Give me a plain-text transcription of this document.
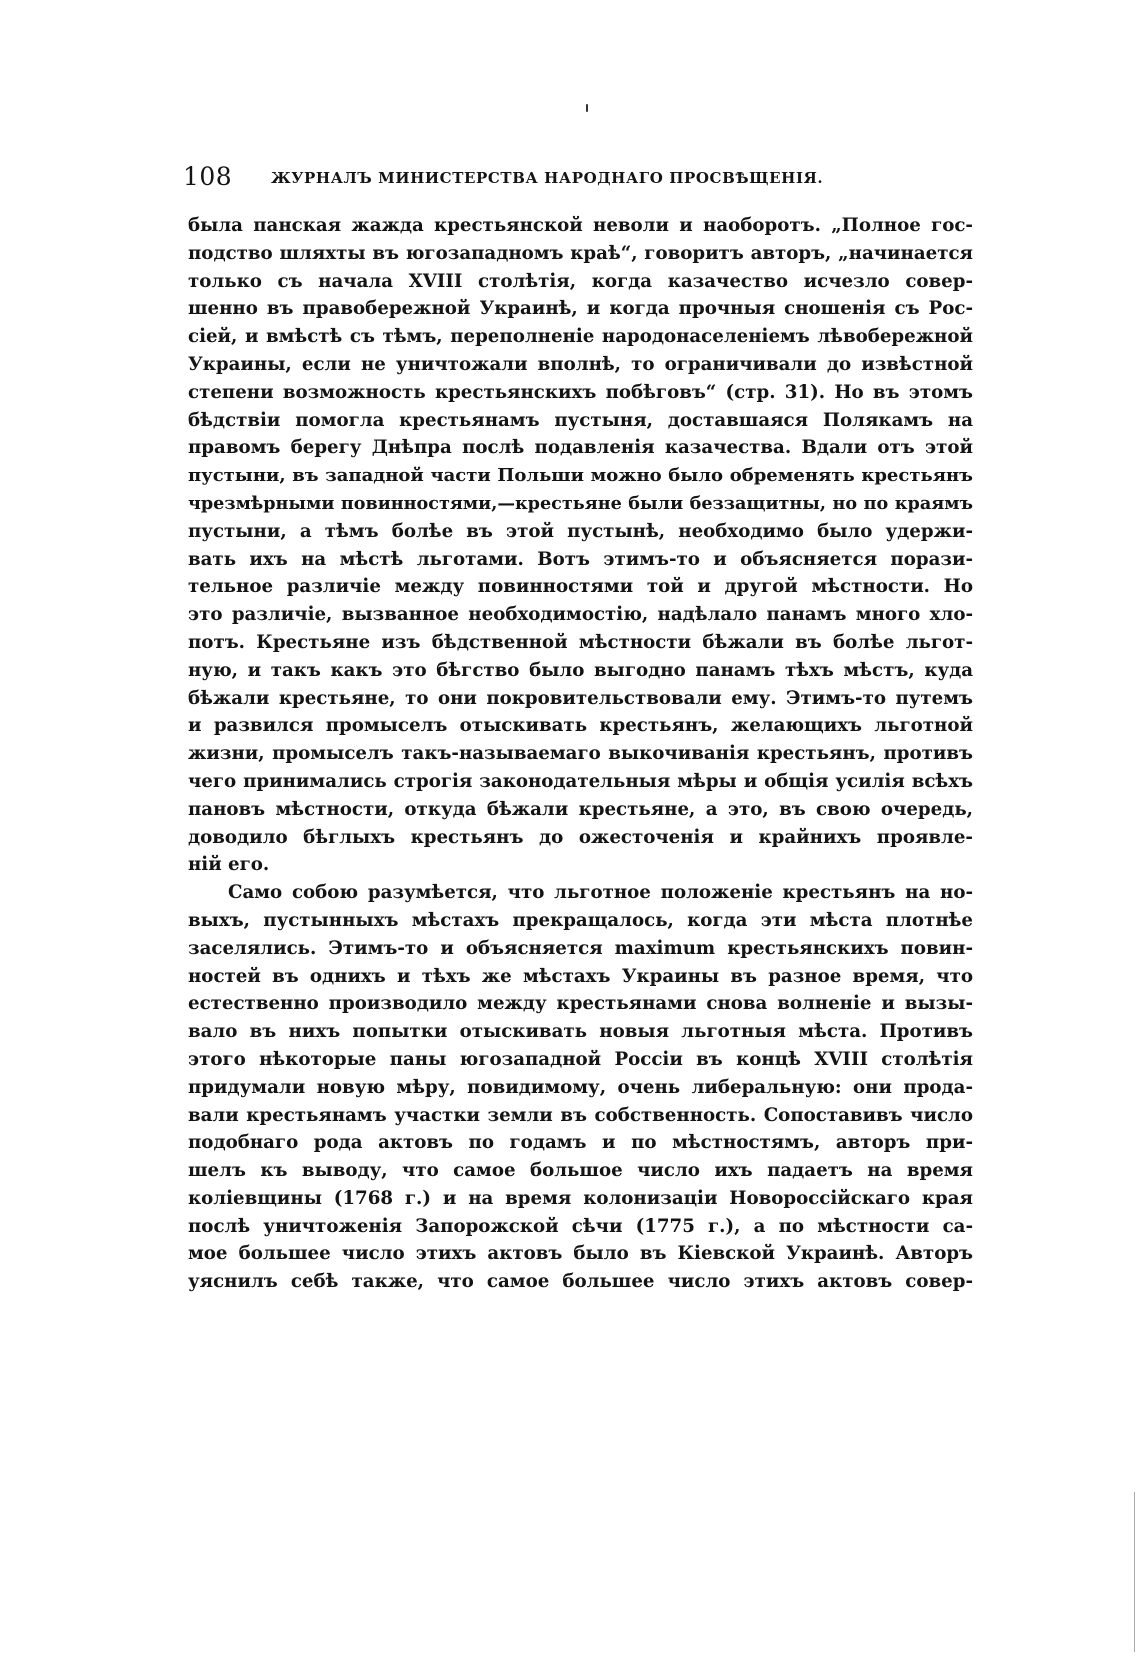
108	ЖУРНАЛЪ МИНИСТЕРСТВА НАРОДНАГО ПРОСВѢЩЕНІЯ.
была панская жажда крестьянской неволи и наоборотъ. „Полное гос-
подство шляхты въ югозападномъ краѣ“, говоритъ авторъ, „начинается
только съ начала XVIII столѣтія, когда казачество исчезло совер-
шенно въ правобережной Украинѣ, и когда прочныя сношенія съ Рос-
сіей, и вмѣстѣ съ тѣмъ, переполненіе народонаселеніемъ лѣвобережной
Украины, если не уничтожали вполнѣ, то ограничивали до извѣстной
степени возможность крестьянскихъ побѣговъ“ (стр. 31). Но въ этомъ
бѣдствіи помогла крестьянамъ пустыня, доставшаяся Полякамъ на
правомъ берегу Днѣпра послѣ подавленія казачества. Вдали отъ этой
пустыни, въ западной части Польши можно было обременять крестьянъ
чрезмѣрными повинностями,—крестьяне были беззащитны, но по краямъ
пустыни, а тѣмъ болѣе въ этой пустынѣ, необходимо было удержи-
вать ихъ на мѣстѣ льготами. Вотъ этимъ-то и объясняется порази-
тельное различіе между повинностями той и другой мѣстности. Но
это различіе, вызванное необходимостію, надѣлало панамъ много хло-
потъ. Крестьяне изъ бѣдственной мѣстности бѣжали въ болѣе льгот-
ную, и такъ какъ это бѣгство было выгодно панамъ тѣхъ мѣстъ, куда
бѣжали крестьяне, то они покровительствовали ему. Этимъ-то путемъ
и развился промыселъ отыскивать крестьянъ, желающихъ льготной
жизни, промыселъ такъ-называемаго выкочиванія крестьянъ, противъ
чего принимались строгія законодательныя мѣры и общія усилія всѣхъ
пановъ мѣстности, откуда бѣжали крестьяне, а это, въ свою очередь,
доводило бѣглыхъ крестьянъ до ожесточенія и крайнихъ проявле-
ній его.
Само собою разумѣется, что льготное положеніе крестьянъ на но-
выхъ, пустынныхъ мѣстахъ прекращалось, когда эти мѣста плотнѣе
заселялись. Этимъ-то и объясняется maximum крестьянскихъ повин-
ностей въ однихъ и тѣхъ же мѣстахъ Украины въ разное время, что
естественно производило между крестьянами снова волненіе и вызы-
вало въ нихъ попытки отыскивать новыя льготныя мѣста. Противъ
этого нѣкоторые паны югозападной Россіи въ концѣ XVIII столѣтія
придумали новую мѣру, повидимому, очень либеральную: они прода-
вали крестьянамъ участки земли въ собственность. Сопоставивъ число
подобнаго рода актовъ по годамъ и по мѣстностямъ, авторъ при-
шелъ къ выводу, что самое большое число ихъ падаетъ на время
коліевщины (1768 г.) и на время колонизаціи Новороссійскаго края
послѣ уничтоженія Запорожской сѣчи (1775 г.), а по мѣстности са-
мое большее число этихъ актовъ было въ Кіевской Украинѣ. Авторъ
уяснилъ себѣ также, что самое большее число этихъ актовъ совер-
